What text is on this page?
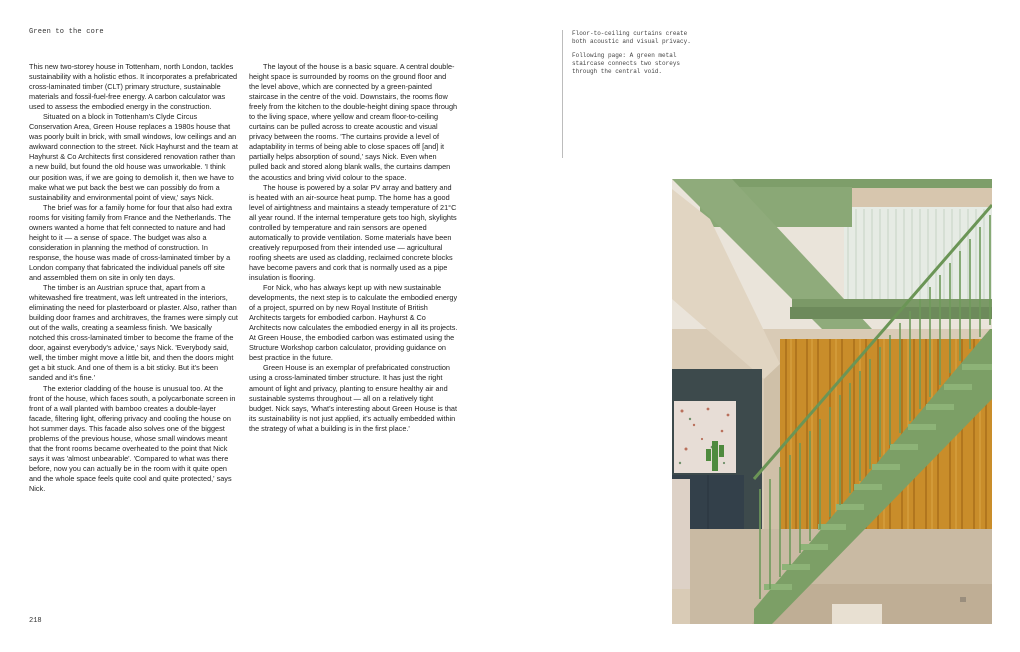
Green to the core

This new two-storey house in Tottenham, north London, tackles sustainability with a holistic ethos. It incorporates a prefabricated cross-laminated timber (CLT) primary structure, sustainable materials and fossil-fuel-free energy. A carbon calculator was used to assess the embodied energy in the construction.

Situated on a block in Tottenham's Clyde Circus Conservation Area, Green House replaces a 1980s house that was poorly built in brick, with small windows, low ceilings and an awkward connection to the street. Nick Hayhurst and the team at Hayhurst & Co Architects first considered renovation rather than a new build, but found the old house was unworkable. 'I think our position was, if we are going to demolish it, then we have to make what we put back the best we can possibly do from a sustainability and environmental point of view,' says Nick.

The brief was for a family home for four that also had extra rooms for visiting family from France and the Netherlands. The owners wanted a home that felt connected to nature and had height to it — a sense of space. The budget was also a consideration in planning the method of construction. In response, the house was made of cross-laminated timber by a London company that fabricated the individual panels off site and assembled them on site in only ten days.

The timber is an Austrian spruce that, apart from a whitewashed fire treatment, was left untreated in the interiors, eliminating the need for plasterboard or plaster. Also, rather than building door frames and architraves, the frames were simply cut out of the walls, creating a seamless finish. 'We basically notched this cross-laminated timber to become the frame of the door, against everybody's advice,' says Nick. 'Everybody said, well, the timber might move a little bit, and then the doors might get a bit stuck. And one of them is a bit sticky. But it's been sanded and it's fine.'

The exterior cladding of the house is unusual too. At the front of the house, which faces south, a polycarbonate screen in front of a wall planted with bamboo creates a double-layer facade, filtering light, offering privacy and cooling the house on hot summer days. This facade also solves one of the biggest problems of the previous house, whose small windows meant that the front rooms became overheated to the point that Nick says it was 'almost unbearable'. 'Compared to what was there before, now you can actually be in the room with it quite open and the whole space feels quite cool and quite protected,' says Nick.

The layout of the house is a basic square. A central double-height space is surrounded by rooms on the ground floor and the level above, which are connected by a green-painted staircase in the centre of the void. Downstairs, the rooms flow freely from the kitchen to the double-height dining space through to the living space, where yellow and cream floor-to-ceiling curtains can be pulled across to create acoustic and visual privacy between the rooms. 'The curtains provide a level of adaptability in terms of being able to close spaces off [and] it partially helps absorption of sound,' says Nick. Even when pulled back and stored along blank walls, the curtains dampen the acoustics and bring vivid colour to the space.

The house is powered by a solar PV array and battery and is heated with an air-source heat pump. The home has a good level of airtightness and maintains a steady temperature of 21°C all year round. If the internal temperature gets too high, skylights controlled by temperature and rain sensors are opened automatically to provide ventilation. Some materials have been creatively repurposed from their intended use — agricultural roofing sheets are used as cladding, reclaimed concrete blocks have become pavers and cork that is normally used as a pipe insulation is flooring.

For Nick, who has always kept up with new sustainable developments, the next step is to calculate the embodied energy of a project, spurred on by new Royal Institute of British Architects targets for embodied carbon. Hayhurst & Co Architects now calculates the embodied energy in all its projects. At Green House, the embodied carbon was estimated using the Structure Workshop carbon calculator, providing guidance on best practice in the future.

Green House is an exemplar of prefabricated construction using a cross-laminated timber structure. It has just the right amount of light and privacy, planting to ensure healthy air and sustainable systems throughout — all on a relatively tight budget. Nick says, 'What's interesting about Green House is that its sustainability is not just applied, it's actually embedded within the strategy of what a building is in the first place.'

Floor-to-ceiling curtains create both acoustic and visual privacy.

Following page: A green metal staircase connects two storeys through the central void.

218
